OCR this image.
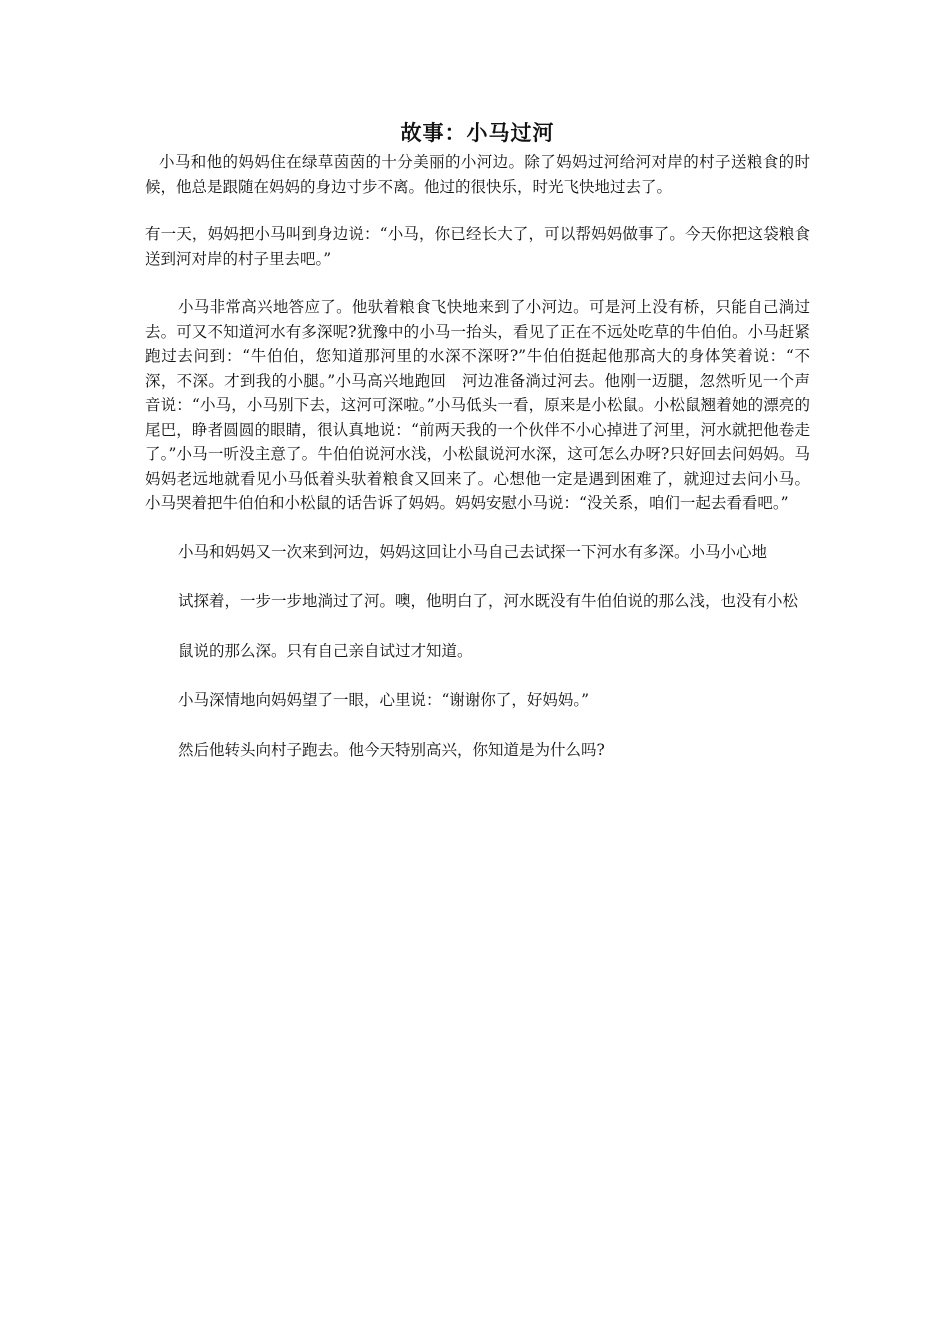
故事：小马过河

小马和他的妈妈住在绿草茵茵的十分美丽的小河边。除了妈妈过河给河对岸的村子送粮食的时候，他总是跟随在妈妈的身边寸步不离。他过的很快乐，时光飞快地过去了。

有一天，妈妈把小马叫到身边说：“小马，你已经长大了，可以帮妈妈做事了。今天你把这袋粮食送到河对岸的村子里去吧。”

小马非常高兴地答应了。他驮着粮食飞快地来到了小河边。可是河上没有桥，只能自己淌过去。可又不知道河水有多深呢?犹豫中的小马一抬头，看见了正在不远处吃草的牛伯伯。小马赶紧跑过去问到：“牛伯伯，您知道那河里的水深不深呀?”牛伯伯挺起他那高大的身体笑着说：“不深，不深。才到我的小腿。”小马高兴地跑回　河边准备淌过河去。他刚一迈腿，忽然听见一个声音说：“小马，小马别下去，这河可深啦。”小马低头一看，原来是小松鼠。小松鼠翘着她的漂亮的尾巴，睁者圆圆的眼睛，很认真地说：“前两天我的一个伙伴不小心掉进了河里，河水就把他卷走了。”小马一听没主意了。牛伯伯说河水浅，小松鼠说河水深，这可怎么办呀?只好回去问妈妈。马妈妈老远地就看见小马低着头驮着粮食又回来了。心想他一定是遇到困难了，就迎过去问小马。小马哭着把牛伯伯和小松鼠的话告诉了妈妈。妈妈安慰小马说：“没关系，咱们一起去看看吧。”

小马和妈妈又一次来到河边，妈妈这回让小马自己去试探一下河水有多深。小马小心地

试探着，一步一步地淌过了河。噢，他明白了，河水既没有牛伯伯说的那么浅，也没有小松

鼠说的那么深。只有自己亲自试过才知道。

小马深情地向妈妈望了一眼，心里说：“谢谢你了，好妈妈。”

然后他转头向村子跑去。他今天特别高兴，你知道是为什么吗?
